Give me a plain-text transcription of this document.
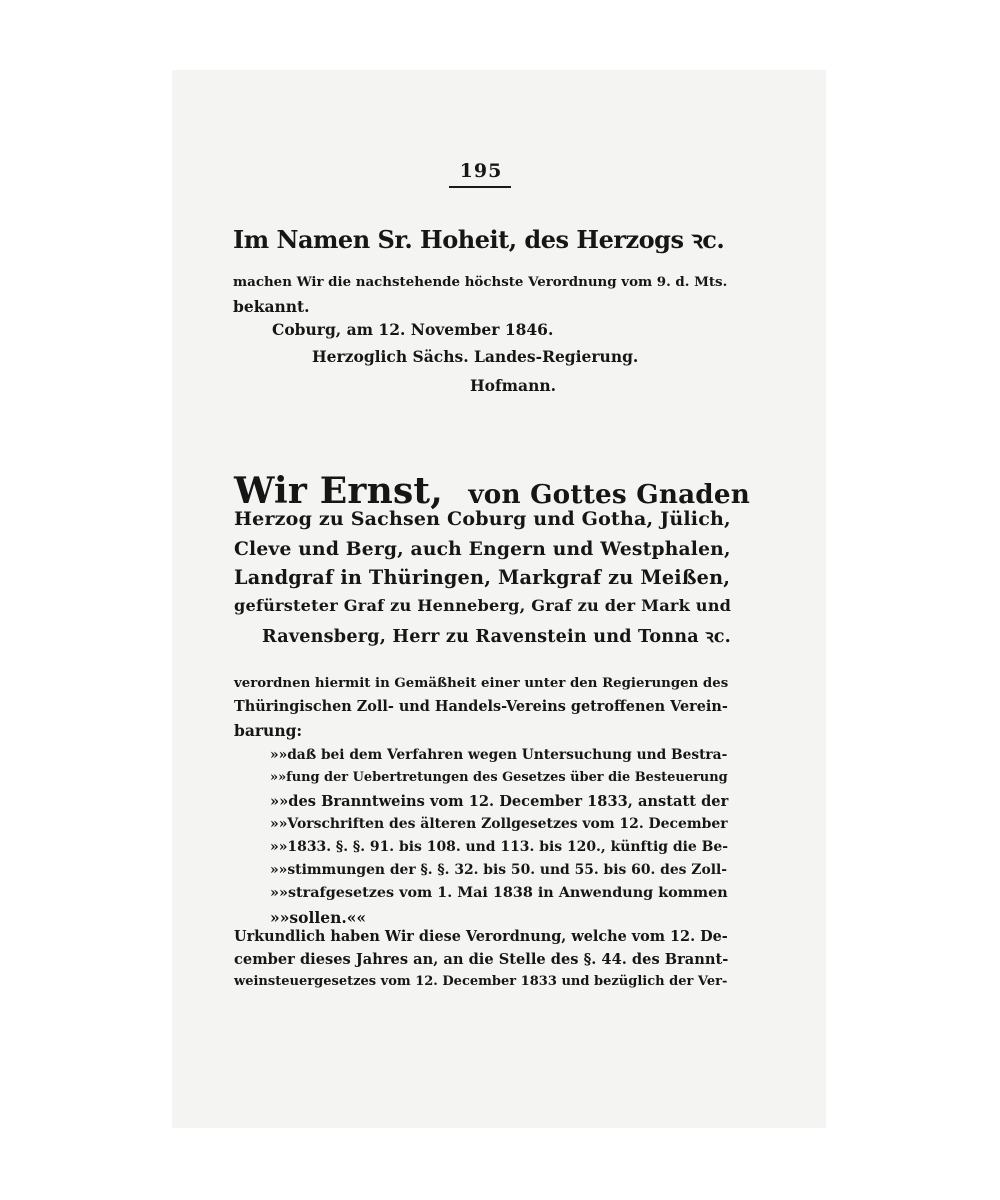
195

Im Namen Sr. Hoheit, des Herzogs ꝛc.

machen Wir die nachstehende höchste Verordnung vom 9. d. Mts.

bekannt.

Coburg, am 12. November 1846.

Herzoglich Sächs. Landes-Regierung.

Hofmann.

Wir Ernst, von Gottes Gnaden

Herzog zu Sachsen Coburg und Gotha, Jülich,

Cleve und Berg, auch Engern und Westphalen,

Landgraf in Thüringen, Markgraf zu Meißen,

gefürsteter Graf zu Henneberg, Graf zu der Mark und

Ravensberg, Herr zu Ravenstein und Tonna ꝛc.

verordnen hiermit in Gemäßheit einer unter den Regierungen des

Thüringischen Zoll- und Handels-Vereins getroffenen Verein-

barung:

»»daß bei dem Verfahren wegen Untersuchung und Bestra-

»»fung der Uebertretungen des Gesetzes über die Besteuerung

»»des Branntweins vom 12. December 1833, anstatt der

»»Vorschriften des älteren Zollgesetzes vom 12. December

»»1833. §. §. 91. bis 108. und 113. bis 120., künftig die Be-

»»stimmungen der §. §. 32. bis 50. und 55. bis 60. des Zoll-

»»strafgesetzes vom 1. Mai 1838 in Anwendung kommen

»»sollen.««

Urkundlich haben Wir diese Verordnung, welche vom 12. De-

cember dieses Jahres an, an die Stelle des §. 44. des Brannt-

weinsteuergesetzes vom 12. December 1833 und bezüglich der Ver-
